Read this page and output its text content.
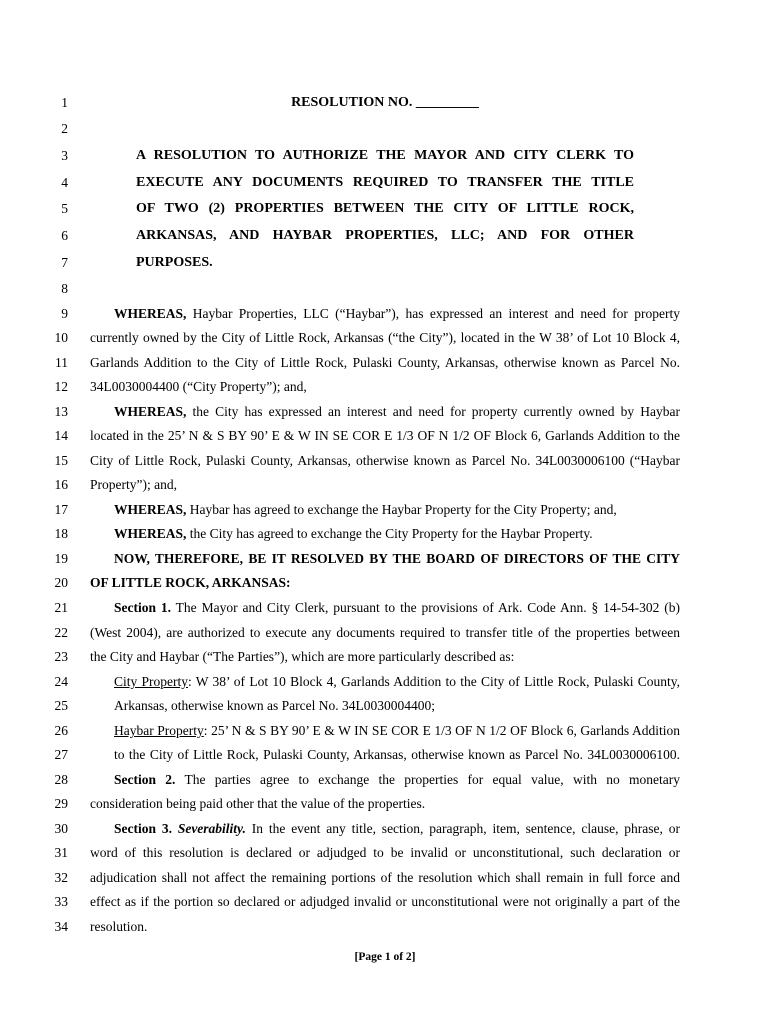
1
2
3
4
5
6
7
8
9
10
11
12
13
14
15
16
17
18
19
20
21
22
23
24
25
26
27
28
29
30
31
32
33
34
RESOLUTION NO. _________
A RESOLUTION TO AUTHORIZE THE MAYOR AND CITY CLERK TO
EXECUTE ANY DOCUMENTS REQUIRED TO TRANSFER THE TITLE
OF TWO (2) PROPERTIES BETWEEN THE CITY OF LITTLE ROCK,
ARKANSAS, AND HAYBAR PROPERTIES, LLC; AND FOR OTHER
PURPOSES.
WHEREAS, Haybar Properties, LLC (“Haybar”), has expressed an interest and need for property
currently owned by the City of Little Rock, Arkansas (“the City”), located in the W 38’ of Lot 10 Block 4,
Garlands Addition to the City of Little Rock, Pulaski County, Arkansas, otherwise known as Parcel No.
34L0030004400 (“City Property”); and,
WHEREAS, the City has expressed an interest and need for property currently owned by Haybar
located in the 25’ N & S BY 90’ E & W IN SE COR E 1/3 OF N 1/2 OF Block 6, Garlands Addition to the
City of Little Rock, Pulaski County, Arkansas, otherwise known as Parcel No. 34L0030006100 (“Haybar
Property”); and,
WHEREAS, Haybar has agreed to exchange the Haybar Property for the City Property; and,
WHEREAS, the City has agreed to exchange the City Property for the Haybar Property.
NOW, THEREFORE, BE IT RESOLVED BY THE BOARD OF DIRECTORS OF THE CITY
OF LITTLE ROCK, ARKANSAS:
Section 1. The Mayor and City Clerk, pursuant to the provisions of Ark. Code Ann. § 14-54-302 (b)
(West 2004), are authorized to execute any documents required to transfer title of the properties between
the City and Haybar (“The Parties”), which are more particularly described as:
City Property: W 38’ of Lot 10 Block 4, Garlands Addition to the City of Little Rock, Pulaski County,
Arkansas, otherwise known as Parcel No. 34L0030004400;
Haybar Property: 25’ N & S BY 90’ E & W IN SE COR E 1/3 OF N 1/2 OF Block 6, Garlands Addition
to the City of Little Rock, Pulaski County, Arkansas, otherwise known as Parcel No. 34L0030006100.
Section 2. The parties agree to exchange the properties for equal value, with no monetary
consideration being paid other that the value of the properties.
Section 3. Severability. In the event any title, section, paragraph, item, sentence, clause, phrase, or
word of this resolution is declared or adjudged to be invalid or unconstitutional, such declaration or
adjudication shall not affect the remaining portions of the resolution which shall remain in full force and
effect as if the portion so declared or adjudged invalid or unconstitutional were not originally a part of the
resolution.
[Page 1 of 2]
